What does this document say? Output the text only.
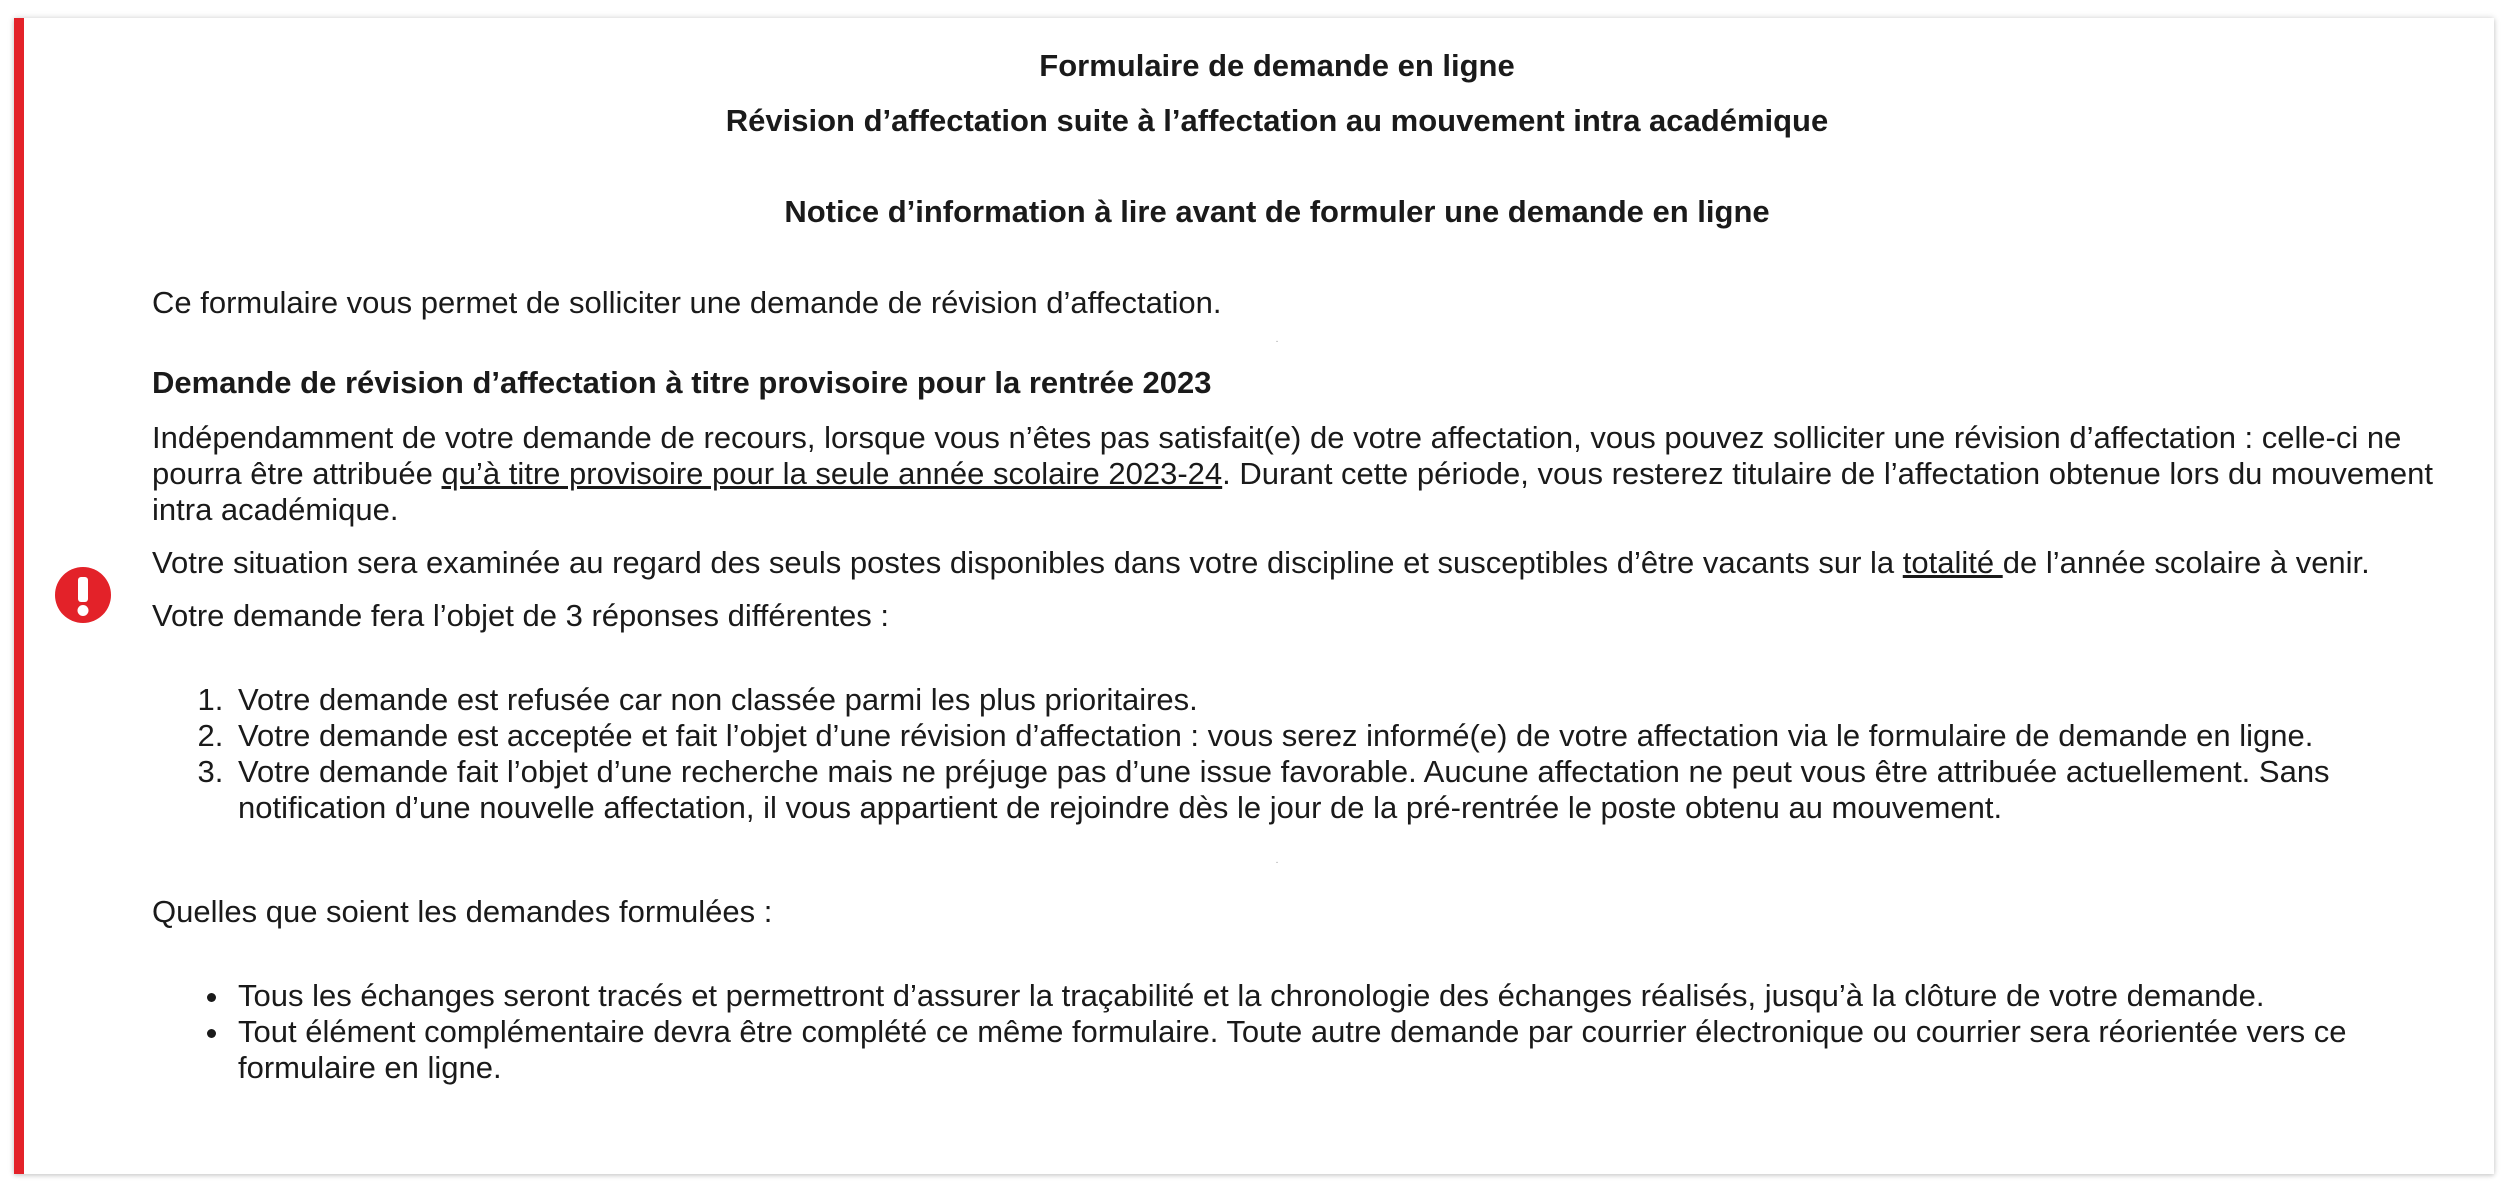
Formulaire de demande en ligne
Révision d’affectation suite à l’affectation au mouvement intra académique
Notice d’information à lire avant de formuler une demande en ligne

Ce formulaire vous permet de solliciter une demande de révision d’affectation.

.

Demande de révision d’affectation à titre provisoire pour la rentrée 2023

Indépendamment de votre demande de recours, lorsque vous n’êtes pas satisfait(e) de votre affectation, vous pouvez solliciter une révision d’affectation : celle-ci ne pourra être attribuée qu’à titre provisoire pour la seule année scolaire 2023-24. Durant cette période, vous resterez titulaire de l’affectation obtenue lors du mouvement intra académique.

Votre situation sera examinée au regard des seuls postes disponibles dans votre discipline et susceptibles d’être vacants sur la totalité de l’année scolaire à venir.

Votre demande fera l’objet de 3 réponses différentes :

1. Votre demande est refusée car non classée parmi les plus prioritaires.
2. Votre demande est acceptée et fait l’objet d’une révision d’affectation : vous serez informé(e) de votre affectation via le formulaire de demande en ligne.
3. Votre demande fait l’objet d’une recherche mais ne préjuge pas d’une issue favorable. Aucune affectation ne peut vous être attribuée actuellement. Sans notification d’une nouvelle affectation, il vous appartient de rejoindre dès le jour de la pré-rentrée le poste obtenu au mouvement.
.

Quelles que soient les demandes formulées :

• Tous les échanges seront tracés et permettront d’assurer la traçabilité et la chronologie des échanges réalisés, jusqu’à la clôture de votre demande.
• Tout élément complémentaire devra être complété ce même formulaire. Toute autre demande par courrier électronique ou courrier sera réorientée vers ce formulaire en ligne.
